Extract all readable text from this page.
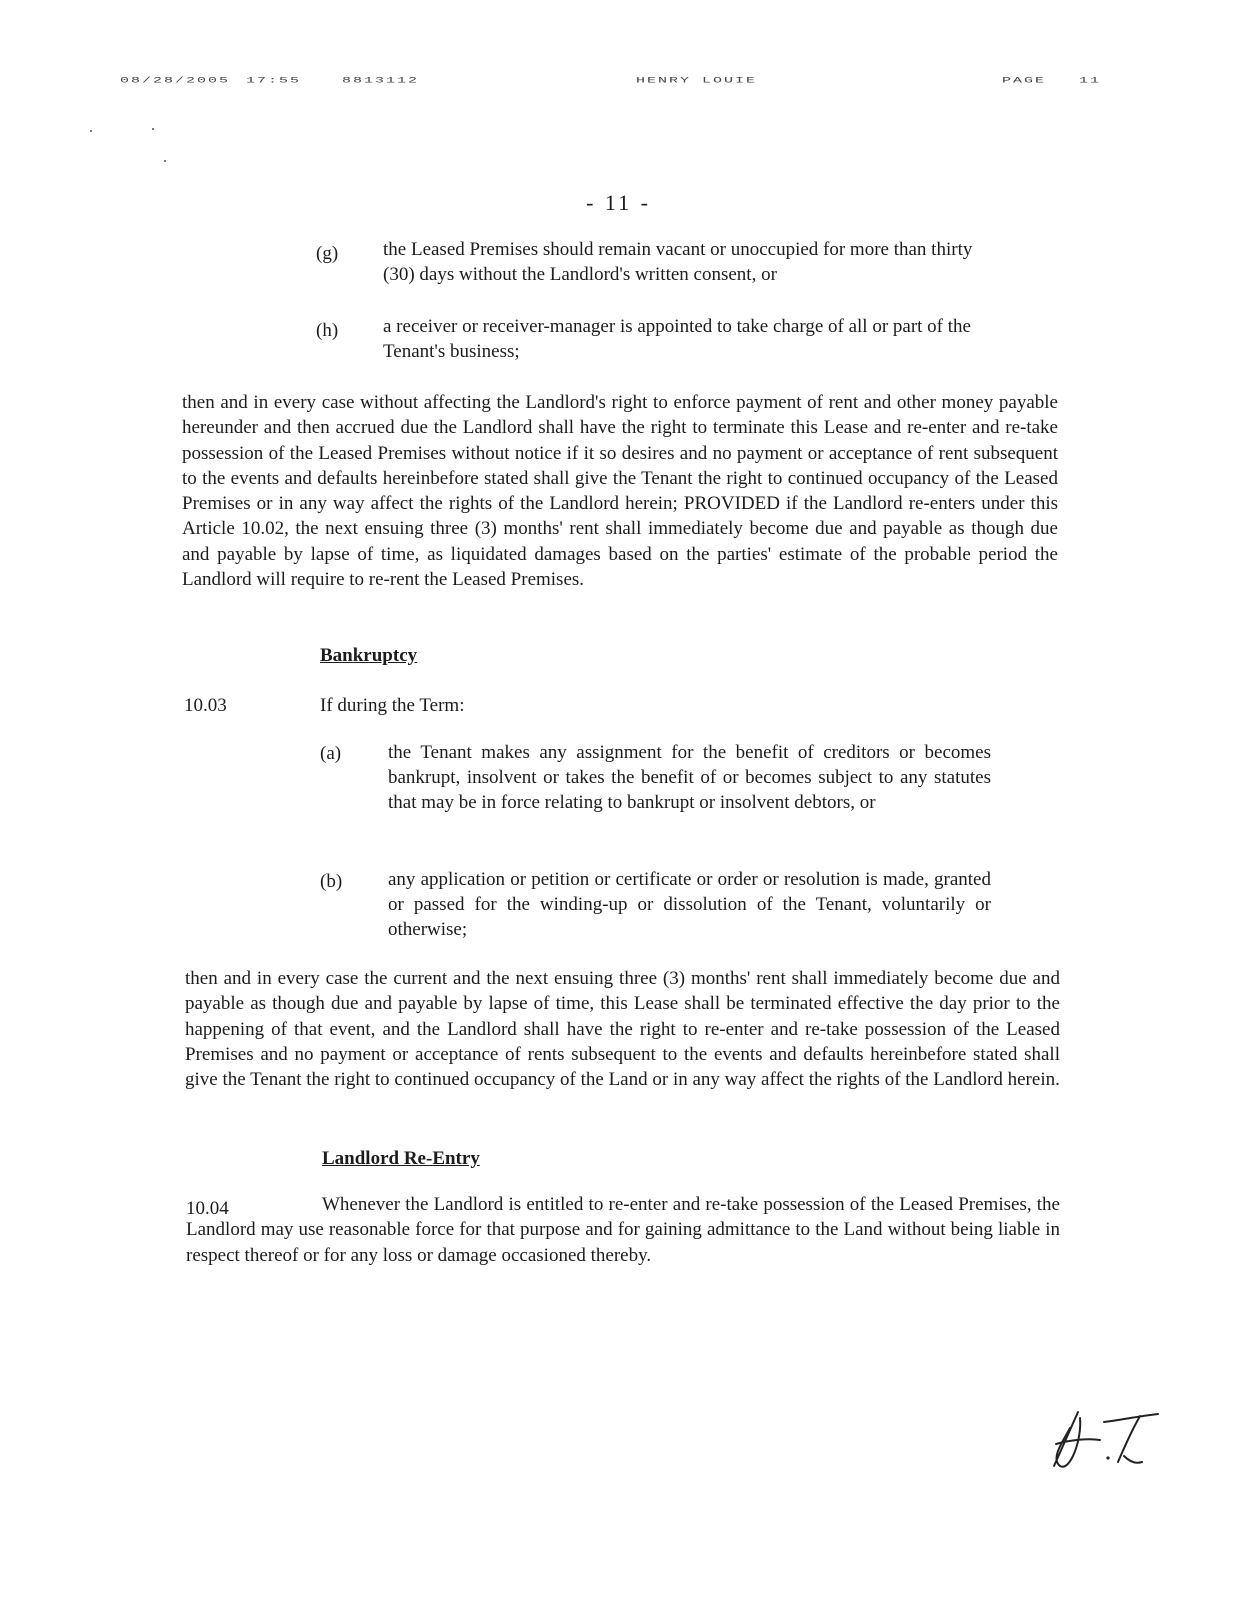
08/28/2005 17:55	8813112	HENRY LOUIE	PAGE 11
- 11 -
(g) the Leased Premises should remain vacant or unoccupied for more than thirty (30) days without the Landlord's written consent, or
(h) a receiver or receiver-manager is appointed to take charge of all or part of the Tenant's business;
then and in every case without affecting the Landlord's right to enforce payment of rent and other money payable hereunder and then accrued due the Landlord shall have the right to terminate this Lease and re-enter and re-take possession of the Leased Premises without notice if it so desires and no payment or acceptance of rent subsequent to the events and defaults hereinbefore stated shall give the Tenant the right to continued occupancy of the Leased Premises or in any way affect the rights of the Landlord herein; PROVIDED if the Landlord re-enters under this Article 10.02, the next ensuing three (3) months' rent shall immediately become due and payable as though due and payable by lapse of time, as liquidated damages based on the parties' estimate of the probable period the Landlord will require to re-rent the Leased Premises.
Bankruptcy
10.03	If during the Term:
(a) the Tenant makes any assignment for the benefit of creditors or becomes bankrupt, insolvent or takes the benefit of or becomes subject to any statutes that may be in force relating to bankrupt or insolvent debtors, or
(b) any application or petition or certificate or order or resolution is made, granted or passed for the winding-up or dissolution of the Tenant, voluntarily or otherwise;
then and in every case the current and the next ensuing three (3) months' rent shall immediately become due and payable as though due and payable by lapse of time, this Lease shall be terminated effective the day prior to the happening of that event, and the Landlord shall have the right to re-enter and re-take possession of the Leased Premises and no payment or acceptance of rents subsequent to the events and defaults hereinbefore stated shall give the Tenant the right to continued occupancy of the Land or in any way affect the rights of the Landlord herein.
Landlord Re-Entry
10.04	Whenever the Landlord is entitled to re-enter and re-take possession of the Leased Premises, the Landlord may use reasonable force for that purpose and for gaining admittance to the Land without being liable in respect thereof or for any loss or damage occasioned thereby.
